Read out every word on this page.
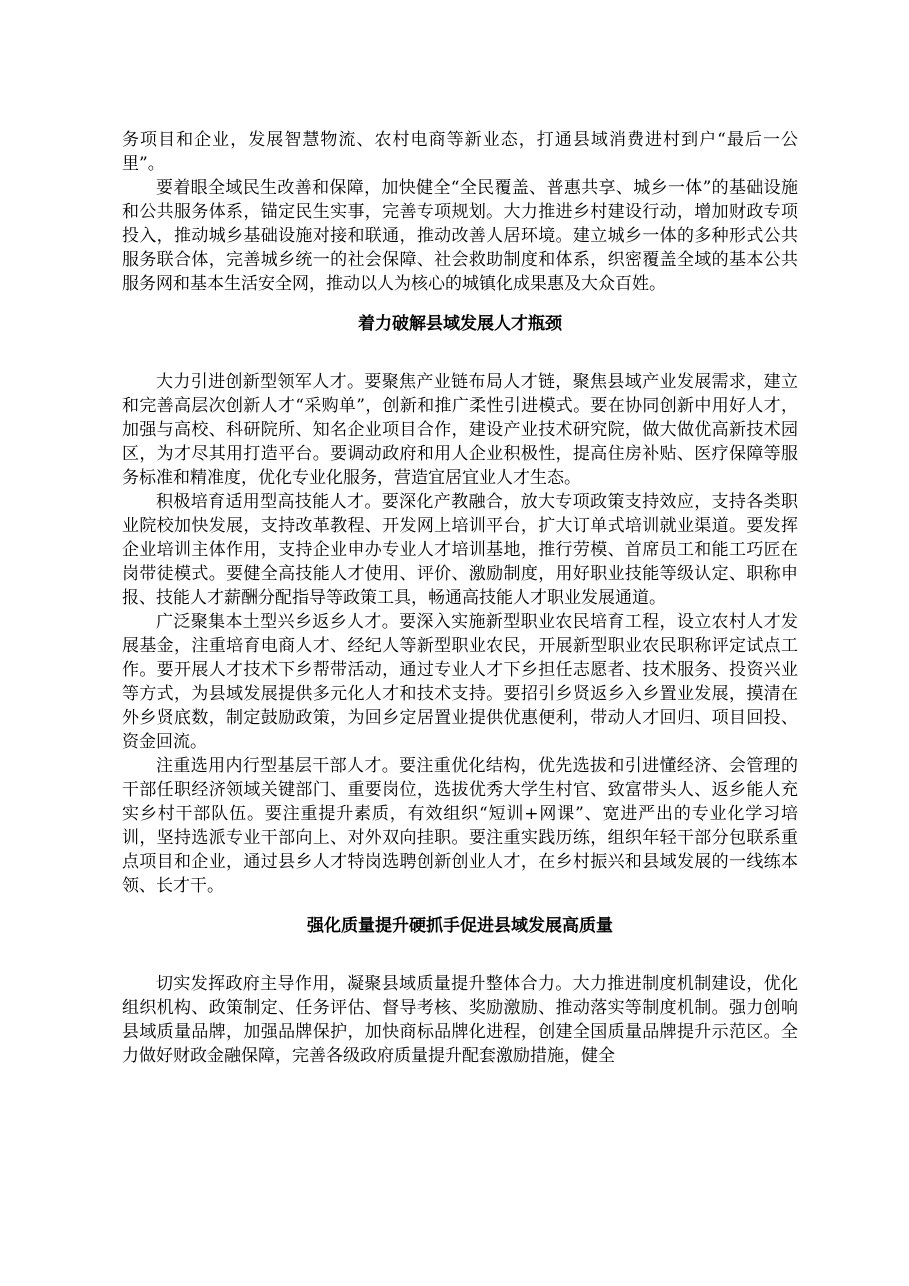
务项目和企业，发展智慧物流、农村电商等新业态，打通县域消费进村到户“最后一公里”。

要着眼全域民生改善和保障，加快健全“全民覆盖、普惠共享、城乡一体”的基础设施和公共服务体系，锚定民生实事，完善专项规划。大力推进乡村建设行动，增加财政专项投入，推动城乡基础设施对接和联通，推动改善人居环境。建立城乡一体的多种形式公共服务联合体，完善城乡统一的社会保障、社会救助制度和体系，织密覆盖全域的基本公共服务网和基本生活安全网，推动以人为核心的城镇化成果惠及大众百姓。

着力破解县域发展人才瓶颈

大力引进创新型领军人才。要聚焦产业链布局人才链，聚焦县域产业发展需求，建立和完善高层次创新人才“采购单”，创新和推广柔性引进模式。要在协同创新中用好人才，加强与高校、科研院所、知名企业项目合作，建设产业技术研究院，做大做优高新技术园区，为才尽其用打造平台。要调动政府和用人企业积极性，提高住房补贴、医疗保障等服务标准和精准度，优化专业化服务，营造宜居宜业人才生态。

积极培育适用型高技能人才。要深化产教融合，放大专项政策支持效应，支持各类职业院校加快发展，支持改革教程、开发网上培训平台，扩大订单式培训就业渠道。要发挥企业培训主体作用，支持企业申办专业人才培训基地，推行劳模、首席员工和能工巧匠在岗带徒模式。要健全高技能人才使用、评价、激励制度，用好职业技能等级认定、职称申报、技能人才薪酬分配指导等政策工具，畅通高技能人才职业发展通道。

广泛聚集本土型兴乡返乡人才。要深入实施新型职业农民培育工程，设立农村人才发展基金，注重培育电商人才、经纪人等新型职业农民，开展新型职业农民职称评定试点工作。要开展人才技术下乡帮带活动，通过专业人才下乡担任志愿者、技术服务、投资兴业等方式，为县域发展提供多元化人才和技术支持。要招引乡贤返乡入乡置业发展，摸清在外乡贤底数，制定鼓励政策，为回乡定居置业提供优惠便利，带动人才回归、项目回投、资金回流。

注重选用内行型基层干部人才。要注重优化结构，优先选拔和引进懂经济、会管理的干部任职经济领域关键部门、重要岗位，选拔优秀大学生村官、致富带头人、返乡能人充实乡村干部队伍。要注重提升素质，有效组织“短训+网课”、宽进严出的专业化学习培训，坚持选派专业干部向上、对外双向挂职。要注重实践历练，组织年轻干部分包联系重点项目和企业，通过县乡人才特岗选聘创新创业人才，在乡村振兴和县域发展的一线练本领、长才干。

强化质量提升硬抓手促进县域发展高质量

切实发挥政府主导作用，凝聚县域质量提升整体合力。大力推进制度机制建设，优化组织机构、政策制定、任务评估、督导考核、奖励激励、推动落实等制度机制。强力创响县域质量品牌，加强品牌保护，加快商标品牌化进程，创建全国质量品牌提升示范区。全力做好财政金融保障，完善各级政府质量提升配套激励措施，健全
